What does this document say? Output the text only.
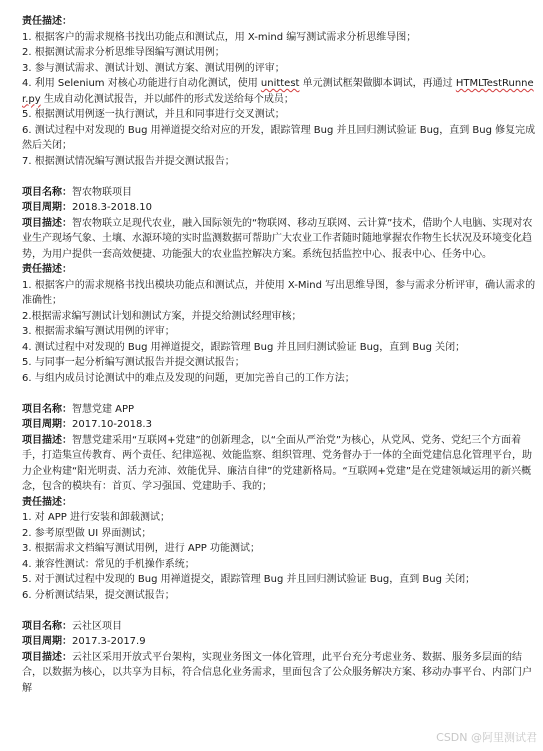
责任描述：

1. 根据客户的需求规格书找出功能点和测试点，用 X-mind 编写测试需求分析思维导图；

2. 根据测试需求分析思维导图编写测试用例；

3. 参与测试需求、测试计划、测试方案、测试用例的评审；

4. 利用 Selenium 对核心功能进行自动化测试，使用 unittest 单元测试框架做脚本调试，再通过 HTMLTestRunner.py 生成自动化测试报告，并以邮件的形式发送给每个成员；

5. 根据测试用例逐一执行测试，并且和同事进行交叉测试；

6. 测试过程中对发现的 Bug 用禅道提交给对应的开发，跟踪管理 Bug 并且回归测试验证 Bug，直到 Bug 修复完成然后关闭；

7. 根据测试情况编写测试报告并提交测试报告；

项目名称：智农物联项目

项目周期：2018.3-2018.10

项目描述：智农物联立足现代农业，融入国际领先的“物联网、移动互联网、云计算”技术，借助个人电脑、实现对农业生产现场气象、土壤、水源环境的实时监测数据可帮助广大农业工作者随时随地掌握农作物生长状况及环境变化趋势，为用户提供一套高效便捷、功能强大的农业监控解决方案。系统包括监控中心、报表中心、任务中心。

责任描述：

1. 根据客户的需求规格书找出模块功能点和测试点，并使用 X-Mind 写出思维导图，参与需求分析评审，确认需求的准确性；

2.根据需求编写测试计划和测试方案，并提交给测试经理审核；

3. 根据需求编写测试用例的评审；

4. 测试过程中对发现的 Bug 用禅道提交，跟踪管理 Bug 并且回归测试验证 Bug，直到 Bug 关闭；

5. 与同事一起分析编写测试报告并提交测试报告；

6. 与组内成员讨论测试中的难点及发现的问题，更加完善自己的工作方法；

项目名称：智慧党建 APP

项目周期：2017.10-2018.3

项目描述：智慧党建采用“互联网+党建”的创新理念，以“全面从严治党”为核心，从党风、党务、党纪三个方面着手，打造集宣传教育、两个责任、纪律巡视、效能监察、组织管理、党务督办于一体的全面党建信息化管理平台，助力企业构建“阳光明责、活力充沛、效能优异、廉洁自律”的党建新格局。“互联网+党建”是在党建领域运用的新兴概念，包含的模块有：首页、学习强国、党建助手、我的；

责任描述：

1. 对 APP 进行安装和卸载测试；

2. 参考原型做 UI 界面测试；

3. 根据需求文档编写测试用例，进行 APP 功能测试；

4. 兼容性测试：常见的手机操作系统；

5. 对于测试过程中发现的 Bug 用禅道提交，跟踪管理 Bug 并且回归测试验证 Bug，直到 Bug 关闭；

6. 分析测试结果，提交测试报告；

项目名称：云社区项目

项目周期：2017.3-2017.9

项目描述：云社区采用开放式平台架构，实现业务图文一体化管理，此平台充分考虑业务、数据、服务多层面的结合，以数据为核心，以共享为目标，符合信息化业务需求，里面包含了公众服务解决方案、移动办事平台、内部门户解

CSDN @阿里测试君
